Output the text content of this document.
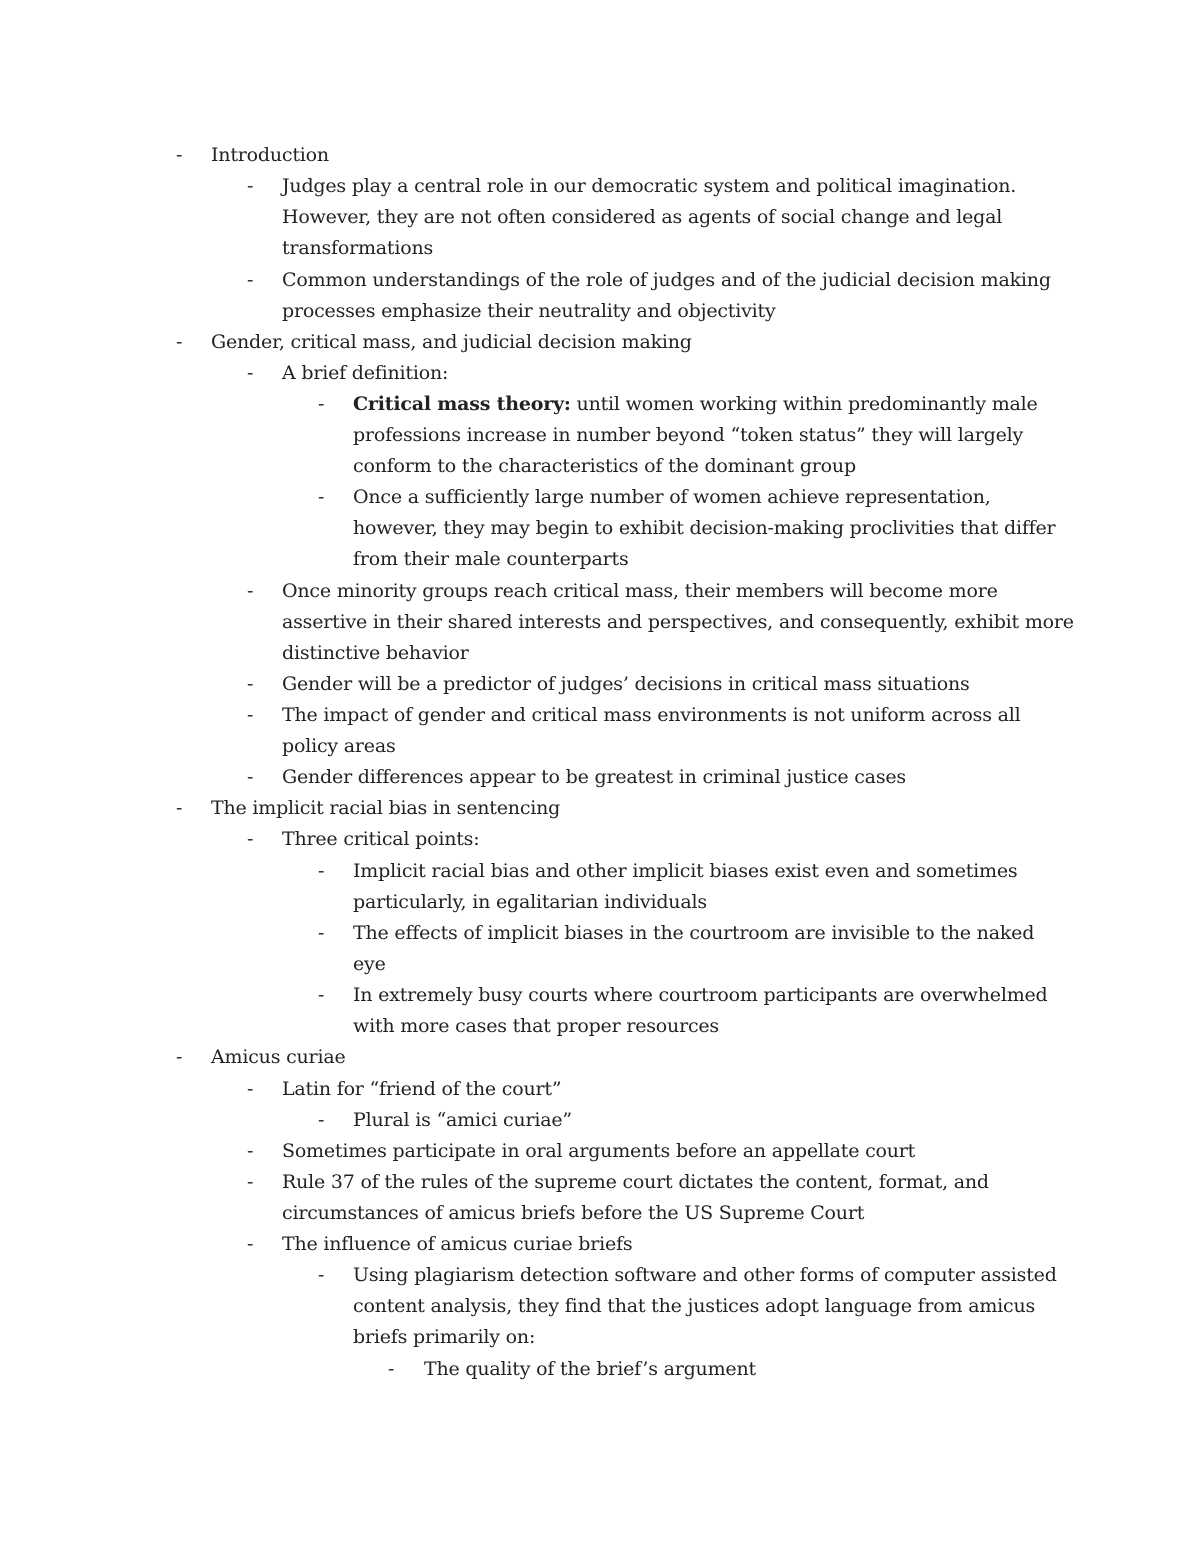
- Introduction
- Judges play a central role in our democratic system and political imagination.
However, they are not often considered as agents of social change and legal
transformations
- Common understandings of the role of judges and of the judicial decision making
processes emphasize their neutrality and objectivity
- Gender, critical mass, and judicial decision making
- A brief definition:
- Critical mass theory: until women working within predominantly male
professions increase in number beyond “token status” they will largely
conform to the characteristics of the dominant group
- Once a sufficiently large number of women achieve representation,
however, they may begin to exhibit decision-making proclivities that differ
from their male counterparts
- Once minority groups reach critical mass, their members will become more
assertive in their shared interests and perspectives, and consequently, exhibit more
distinctive behavior
- Gender will be a predictor of judges’ decisions in critical mass situations
- The impact of gender and critical mass environments is not uniform across all
policy areas
- Gender differences appear to be greatest in criminal justice cases
- The implicit racial bias in sentencing
- Three critical points:
- Implicit racial bias and other implicit biases exist even and sometimes
particularly, in egalitarian individuals
- The effects of implicit biases in the courtroom are invisible to the naked
eye
- In extremely busy courts where courtroom participants are overwhelmed
with more cases that proper resources
- Amicus curiae
- Latin for “friend of the court”
- Plural is “amici curiae”
- Sometimes participate in oral arguments before an appellate court
- Rule 37 of the rules of the supreme court dictates the content, format, and
circumstances of amicus briefs before the US Supreme Court
- The influence of amicus curiae briefs
- Using plagiarism detection software and other forms of computer assisted
content analysis, they find that the justices adopt language from amicus
briefs primarily on:
- The quality of the brief’s argument
